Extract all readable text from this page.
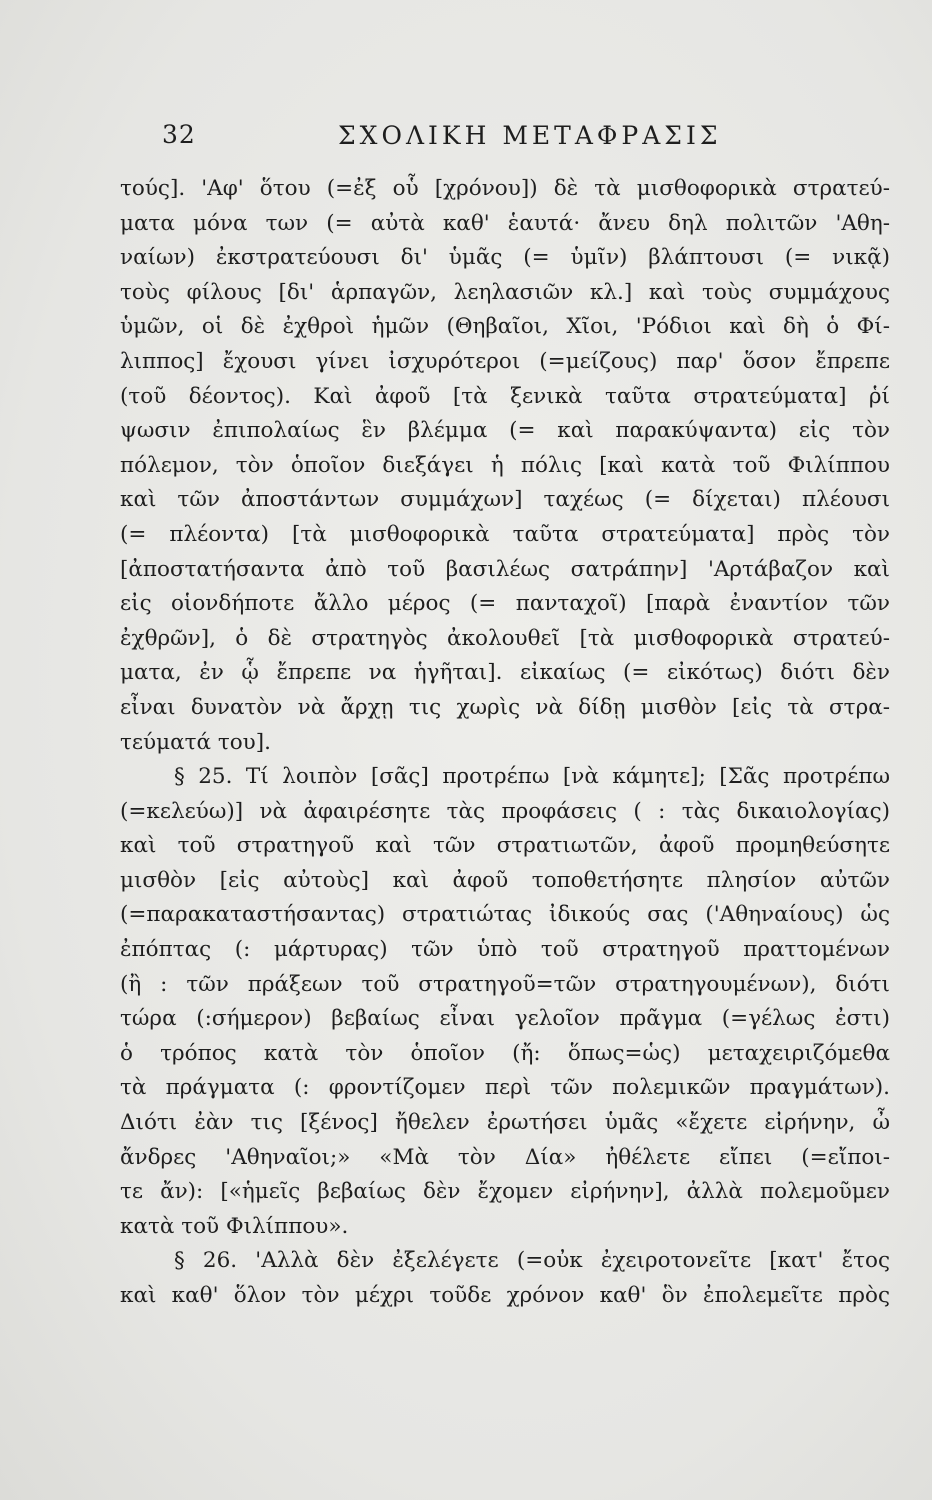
32	ΣΧΟΛΙΚΗ ΜΕΤΑΦΡΑΣΙΣ
τούς]. 'Αφ' ὅτου (=ἐξ οὗ [χρόνου]) δὲ τὰ μισθοφορικὰ στρατεύ-
ματα μόνα των (= αὐτὰ καθ' ἑαυτά· ἄνευ δηλ πολιτῶν 'Αθη-
ναίων) ἐκστρατεύουσι δι' ὑμᾶς (= ὑμῖν) βλάπτουσι (= νικᾷ)
τοὺς φίλους [δι' ἁρπαγῶν, λεηλασιῶν κλ.] καὶ τοὺς συμμάχους
ὑμῶν, οἱ δὲ ἐχθροὶ ἡμῶν (Θηβαῖοι, Χῖοι, 'Ρόδιοι καὶ δὴ ὁ Φί-
λιππος] ἔχουσι γίνει ἰσχυρότεροι (=μείζους) παρ' ὅσον ἔπρεπε
(τοῦ δέοντος). Καὶ ἀφοῦ [τὰ ξενικὰ ταῦτα στρατεύματα] ῥί
ψωσιν ἐπιπολαίως ἓν βλέμμα (= καὶ παρακύψαντα) εἰς τὸν
πόλεμον, τὸν ὁποῖον διεξάγει ἡ πόλις [καὶ κατὰ τοῦ Φιλίππου
καὶ τῶν ἀποστάντων συμμάχων] ταχέως (= δίχεται) πλέουσι
(= πλέοντα) [τὰ μισθοφορικὰ ταῦτα στρατεύματα] πρὸς τὸν
[ἀποστατήσαντα ἀπὸ τοῦ βασιλέως σατράπην] 'Αρτάβαζον καὶ
εἰς οἱονδήποτε ἄλλο μέρος (= πανταχοῖ) [παρὰ ἐναντίον τῶν
ἐχθρῶν], ὁ δὲ στρατηγὸς ἀκολουθεῖ [τὰ μισθοφορικὰ στρατεύ-
ματα, ἐν ᾧ ἔπρεπε να ἡγῆται]. εἰκαίως (= εἰκότως) διότι δὲν
εἶναι δυνατὸν νὰ ἄρχῃ τις χωρὶς νὰ δίδῃ μισθὸν [εἰς τὰ στρα-
τεύματά του].
§ 25. Τί λοιπὸν [σᾶς] προτρέπω [νὰ κάμητε]; [Σᾶς προτρέπω
(=κελεύω)] νὰ ἀφαιρέσητε τὰς προφάσεις ( : τὰς δικαιολογίας)
καὶ τοῦ στρατηγοῦ καὶ τῶν στρατιωτῶν, ἀφοῦ προμηθεύσητε
μισθὸν [εἰς αὐτοὺς] καὶ ἀφοῦ τοποθετήσητε πλησίον αὐτῶν
(=παρακαταστήσαντας) στρατιώτας ἰδικούς σας ('Αθηναίους) ὡς
ἐπόπτας (: μάρτυρας) τῶν ὑπὸ τοῦ στρατηγοῦ πραττομένων
(ἢ : τῶν πράξεων τοῦ στρατηγοῦ=τῶν στρατηγουμένων), διότι
τώρα (:σήμερον) βεβαίως εἶναι γελοῖον πρᾶγμα (=γέλως ἐστι)
ὁ τρόπος κατὰ τὸν ὁποῖον (ἤ: ὅπως=ὡς) μεταχειριζόμεθα
τὰ πράγματα (: φροντίζομεν περὶ τῶν πολεμικῶν πραγμάτων).
Διότι ἐὰν τις [ξένος] ἤθελεν ἐρωτήσει ὑμᾶς «ἔχετε εἰρήνην, ὦ
ἄνδρες 'Αθηναῖοι;» «Μὰ τὸν Δία» ἠθέλετε εἴπει (=εἴποι-
τε ἄν): [«ἡμεῖς βεβαίως δὲν ἔχομεν εἰρήνην], ἀλλὰ πολεμοῦμεν
κατὰ τοῦ Φιλίππου».
§ 26. 'Αλλὰ δὲν ἐξελέγετε (=οὐκ ἐχειροτονεῖτε [κατ' ἔτος
καὶ καθ' ὅλον τὸν μέχρι τοῦδε χρόνον καθ' ὃν ἐπολεμεῖτε πρὸς
